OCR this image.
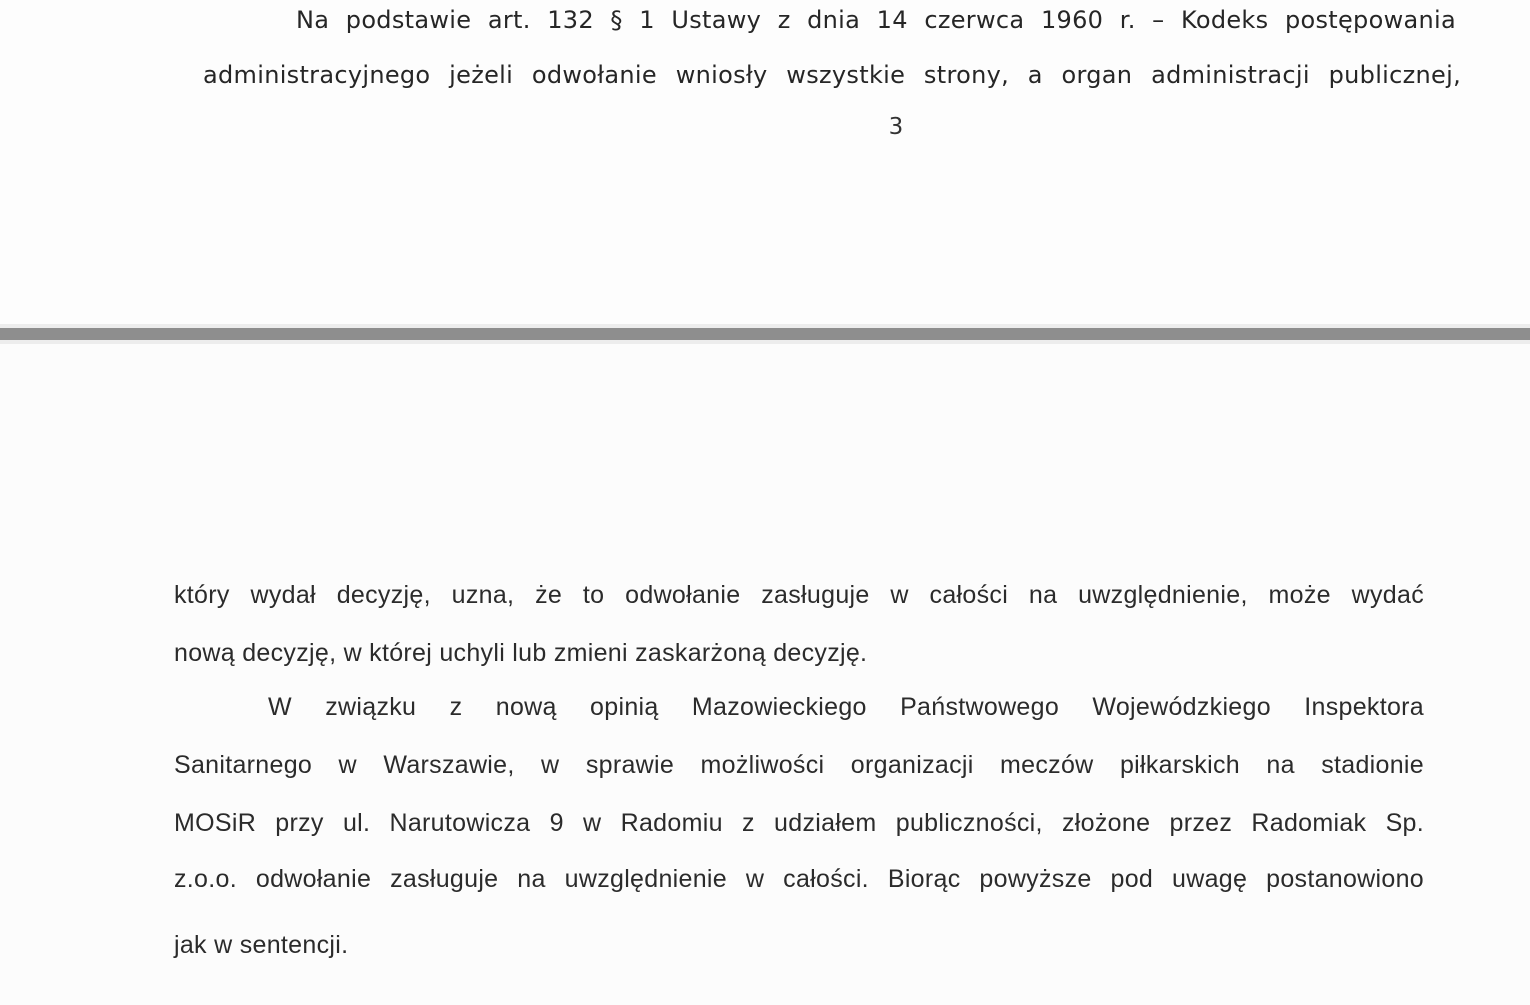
Na podstawie art. 132 § 1 Ustawy z dnia 14 czerwca 1960 r. – Kodeks postępowania

administracyjnego jeżeli odwołanie wniosły wszystkie strony, a organ administracji publicznej,

3

który wydał decyzję, uzna, że to odwołanie zasługuje w całości na uwzględnienie, może wydać

nową decyzję, w której uchyli lub zmieni zaskarżoną decyzję.

W związku z nową opinią Mazowieckiego Państwowego Wojewódzkiego Inspektora

Sanitarnego w Warszawie, w sprawie możliwości organizacji meczów piłkarskich na stadionie

MOSiR przy ul. Narutowicza 9 w Radomiu z udziałem publiczności, złożone przez Radomiak Sp.

z.o.o. odwołanie zasługuje na uwzględnienie w całości. Biorąc powyższe pod uwagę postanowiono

jak w sentencji.
